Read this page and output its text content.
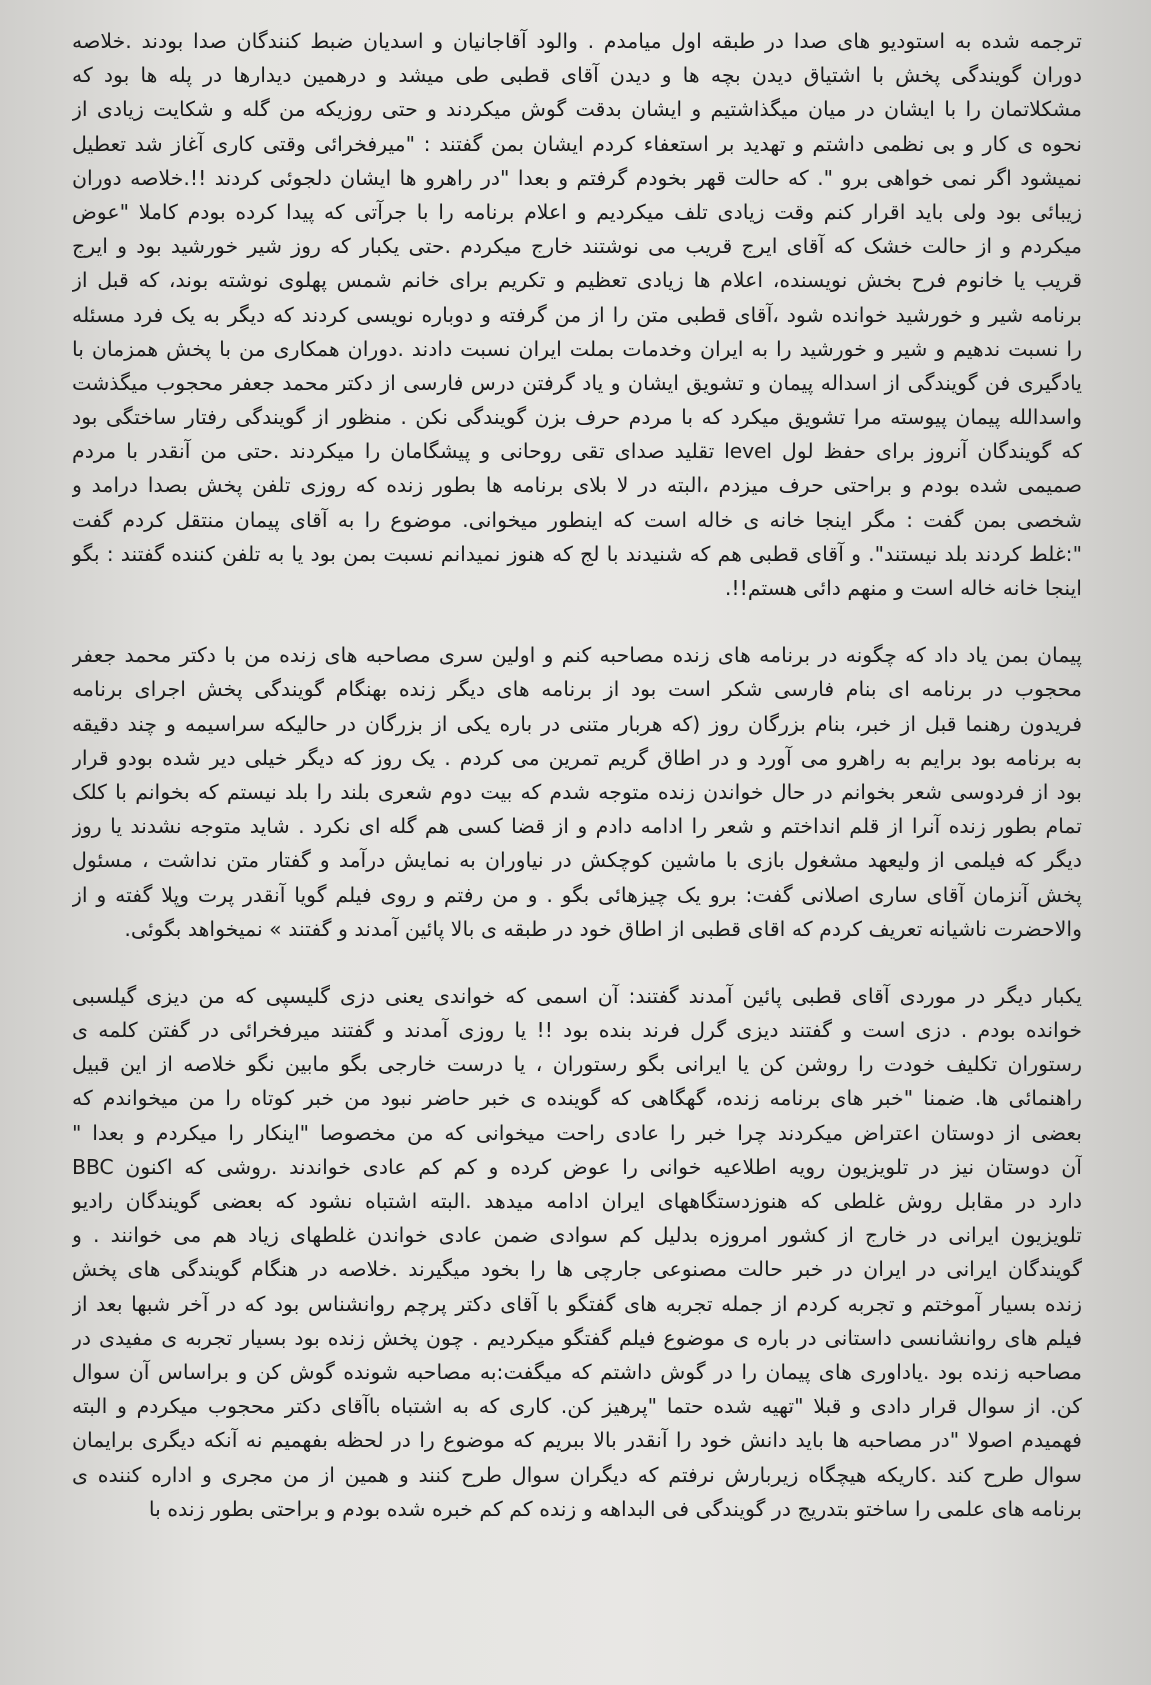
ترجمه شده به استودیو های صدا در طبقه اول میامدم . والود آقاجانیان و اسدیان ضبط کنندگان صدا بودند .خلاصه
دوران گویندگی پخش با اشتیاق دیدن بچه ها و دیدن آقای قطبی طی میشد و درهمین دیدارها در پله ها بود که
مشکلاتمان را با ایشان در میان میگذاشتیم و ایشان بدقت گوش میکردند و حتی روزیکه من گله و شکایت زیادی از
نحوه ی کار و بی نظمی داشتم و تهدید بر استعفاء کردم ایشان بمن گفتند : "میرفخرائی وقتی کاری آغاز شد تعطیل
نمیشود اگر نمی خواهی برو ". که حالت قهر بخودم گرفتم و بعدا "در راهرو ها ایشان دلجوئی کردند !!.خلاصه دوران
زیبائی بود ولی باید اقرار کنم وقت زیادی تلف میکردیم و اعلام برنامه را با جرآتی که پیدا کرده بودم کاملا "عوض
میکردم و از حالت خشک که آقای ایرج قریب می نوشتند خارج میکردم .حتی یکبار که روز شیر خورشید بود و ایرج
قریب یا خانوم فرح بخش نویسنده، اعلام ها زیادی تعظیم و تکریم برای خانم شمس پهلوی نوشته بوند، که قبل از
برنامه شیر و خورشید خوانده شود ،آقای قطبی متن را از من گرفته و دوباره نویسی کردند که دیگر به یک فرد مسئله
را نسبت ندهیم و شیر و خورشید را به ایران وخدمات بملت ایران نسبت دادند .دوران همکاری من با پخش همزمان با
یادگیری فن گویندگی از اسداله پیمان و تشویق ایشان و یاد گرفتن درس فارسی از دکتر محمد جعفر محجوب میگذشت
واسدالله پیمان پیوسته مرا تشویق میکرد که با مردم حرف بزن گویندگی نکن . منظور از گویندگی رفتار ساختگی بود
که گویندگان آنروز برای حفظ لول level تقلید صدای تقی روحانی و پیشگامان را میکردند .حتی من آنقدر با مردم
صمیمی شده بودم و براحتی حرف میزدم ،البته در لا بلای برنامه ها بطور زنده که روزی تلفن پخش بصدا درامد و
شخصی بمن گفت : مگر اینجا خانه ی خاله است که اینطور میخوانی. موضوع را به آقای پیمان منتقل کردم گفت
":غلط کردند بلد نیستند". و آقای قطبی هم که شنیدند با لج که هنوز نمیدانم نسبت بمن بود یا به تلفن کننده گفتند : بگو
اینجا خانه خاله است و منهم دائی هستم!!.
پیمان بمن یاد داد که چگونه در برنامه های زنده مصاحبه کنم و اولین سری مصاحبه های زنده من با دکتر محمد جعفر
محجوب در برنامه ای بنام فارسی شکر است بود از برنامه های دیگر زنده بهنگام گویندگی پخش اجرای برنامه
فریدون رهنما قبل از خبر، بنام بزرگان روز (که هربار متنی در باره یکی از بزرگان در حالیکه سراسیمه و چند دقیقه
به برنامه بود برایم به راهرو می آورد و در اطاق گریم تمرین می کردم . یک روز که دیگر خیلی دیر شده بودو قرار
بود از فردوسی شعر بخوانم در حال خواندن زنده متوجه شدم که بیت دوم شعری بلند را بلد نیستم که بخوانم با کلک
تمام بطور زنده آنرا از قلم انداختم و شعر را ادامه دادم و از قضا کسی هم گله ای نکرد . شاید متوجه نشدند یا روز
دیگر که فیلمی از ولیعهد مشغول بازی با ماشین کوچکش در نیاوران به نمایش درآمد و گفتار متن نداشت ، مسئول
پخش آنزمان آقای ساری اصلانی گفت: برو یک چیزهائی بگو . و من رفتم و روی فیلم گویا آنقدر پرت وپلا گفته و از
والاحضرت ناشیانه تعریف کردم که اقای قطبی از اطاق خود در طبقه ی بالا پائین آمدند و گفتند » نمیخواهد بگوئی.
یکبار دیگر در موردی آقای قطبی پائین آمدند گفتند: آن اسمی که خواندی یعنی دزی گلیسپی که من دیزی گیلسبی
خوانده بودم . دزی است و گفتند دیزی گرل فرند بنده بود !! یا روزی آمدند و گفتند میرفخرائی در گفتن کلمه ی
رستوران تکلیف خودت را روشن کن یا ایرانی بگو رستوران ، یا درست خارجی بگو مابین نگو خلاصه از این قبیل
راهنمائی ها. ضمنا "خبر های برنامه زنده، گهگاهی که گوینده ی خبر حاضر نبود من خبر کوتاه را من میخواندم که
بعضی از دوستان اعتراض میکردند چرا خبر را عادی راحت میخوانی که من مخصوصا "اینکار را میکردم و بعدا "
آن دوستان نیز در تلویزیون رویه اطلاعیه خوانی را عوض کرده و کم کم عادی خواندند .روشی که اکنون BBC
دارد در مقابل روش غلطی که هنوزدستگاههای ایران ادامه میدهد .البته اشتباه نشود که بعضی گویندگان رادیو
تلویزیون ایرانی در خارج از کشور امروزه بدلیل کم سوادی ضمن عادی خواندن غلطهای زیاد هم می خوانند . و
گویندگان ایرانی در ایران در خبر حالت مصنوعی جارچی ها را بخود میگیرند .خلاصه در هنگام گویندگی های پخش
زنده بسیار آموختم و تجربه کردم از جمله تجربه های گفتگو با آقای دکتر پرچم روانشناس بود که در آخر شبها بعد از
فیلم های روانشانسی داستانی در باره ی موضوع فیلم گفتگو میکردیم . چون پخش زنده بود بسیار تجربه ی مفیدی در
مصاحبه زنده بود .یاداوری های پیمان را در گوش داشتم که میگفت:به مصاحبه شونده گوش کن و براساس آن سوال
کن. از سوال قرار دادی و قبلا "تهیه شده حتما "پرهیز کن. کاری که به اشتباه باآقای دکتر محجوب میکردم و البته
فهمیدم اصولا "در مصاحبه ها باید دانش خود را آنقدر بالا ببریم که موضوع را در لحظه بفهمیم نه آنکه دیگری برایمان
سوال طرح کند .کاریکه هیچگاه زیربارش نرفتم که دیگران سوال طرح کنند و همین از من مجری و اداره کننده ی
برنامه های علمی را ساختو بتدریج در گویندگی فی البداهه و زنده کم کم خبره شده بودم و براحتی بطور زنده با
